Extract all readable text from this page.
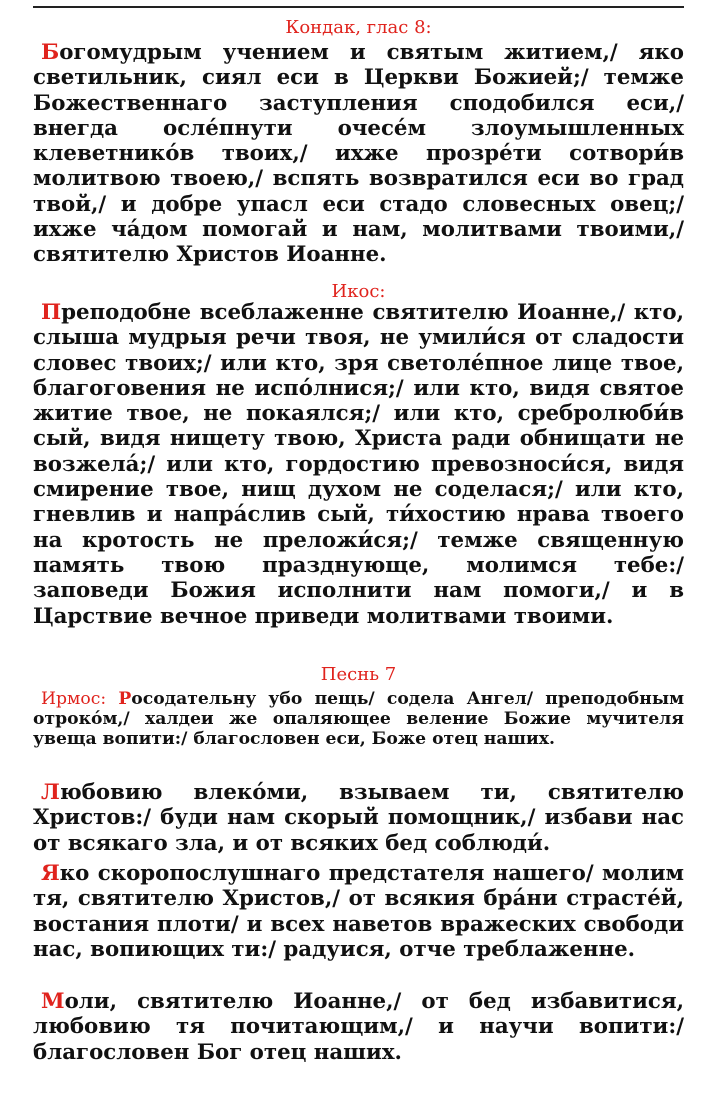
Кондак, глас 8:
Богомудрым учением и святым житием,/ яко светильник, сиял еси в Церкви Божией;/ темже Божественнаго заступления сподобился еси,/ внегда ослéпнути очесéм злоумышленных клеветникóв твоих,/ ихже прозрéти сотвори́в молитвою твоею,/ вспять возвратился еси во град твой,/ и добре упасл еси стадо словесных овец;/ ихже ча́дом помогай и нам, молитвами твоими,/ святителю Христов Иоанне.
Икос:
Преподобне всеблаженне святителю Иоанне,/ кто, слыша мудрыя речи твоя, не умили́ся от сладости словес твоих;/ или кто, зря светолéпное лице твое, благоговения не испóлнися;/ или кто, видя святое житие твое, не покаялся;/ или кто, сребролюби́в сый, видя нищету твою, Христа ради обнищати не возжела́;/ или кто, гордостию превозноси́ся, видя смирение твое, нищ духом не соделася;/ или кто, гневлив и напра́слив сый, ти́хостию нрава твоего на кротость не преложи́ся;/ темже священную память твою празднующе, молимся тебе:/ заповеди Божия исполнити нам помоги,/ и в Царствие вечное приведи молитвами твоими.
Песнь 7
Ирмос: Росодательну убо пещь/ содела Ангел/ преподобным отрокóм,/ халдеи же опаляющее веление Божие мучителя увеща вопити:/ благословен еси, Боже отец наших.
Любовию влекóми, взываем ти, святителю Христов:/ буди нам скорый помощник,/ избави нас от всякаго зла, и от всяких бед соблюди́.
Яко скоропослушнаго предстателя нашего/ молим тя, святителю Христов,/ от всякия бра́ни страстéй, востания плоти/ и всех наветов вражеских свободи нас, вопиющих ти:/ радуися, отче треблаженне.
Моли, святителю Иоанне,/ от бед избавитися, любовию тя почитающим,/ и научи вопити:/ благословен Бог отец наших.
